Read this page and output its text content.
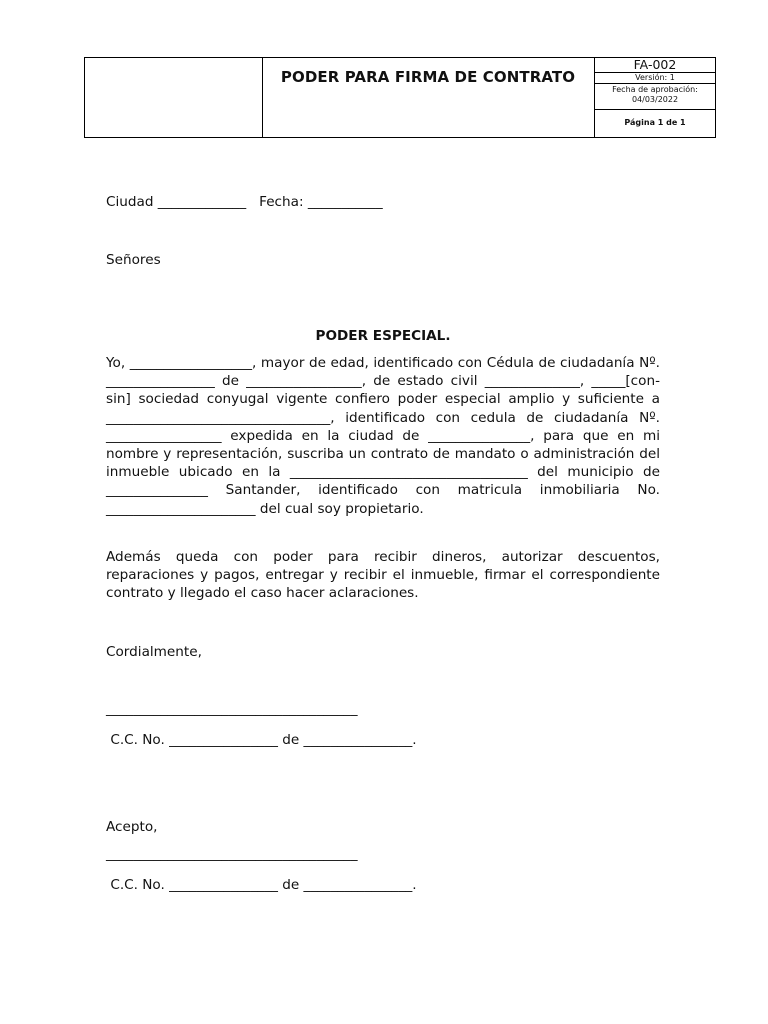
PODER PARA FIRMA DE CONTRATO
FA-002
Versión: 1
Fecha de aprobación:
04/03/2022
Página 1 de 1
Ciudad _____________   Fecha: ___________
Señores
PODER ESPECIAL.

Yo, __________________, mayor de edad, identificado con Cédula de ciudadanía Nº. ________________ de _________________, de estado civil ______________, _____[con-sin] sociedad conyugal vigente confiero poder especial amplio y suficiente a _________________________________, identificado con cedula de ciudadanía Nº. _________________ expedida en la ciudad de _______________, para que en mi nombre y representación, suscriba un contrato de mandato o administración del inmueble ubicado en la ___________________________________ del municipio de _______________ Santander, identificado con matricula inmobiliaria No. ______________________ del cual soy propietario.

Además queda con poder para recibir dineros, autorizar descuentos, reparaciones y pagos, entregar y recibir el inmueble, firmar el correspondiente contrato y llegado el caso hacer aclaraciones.

Cordialmente,
_____________________________________
C.C. No. ________________ de ________________.
Acepto,
_____________________________________
C.C. No. ________________ de ________________.
